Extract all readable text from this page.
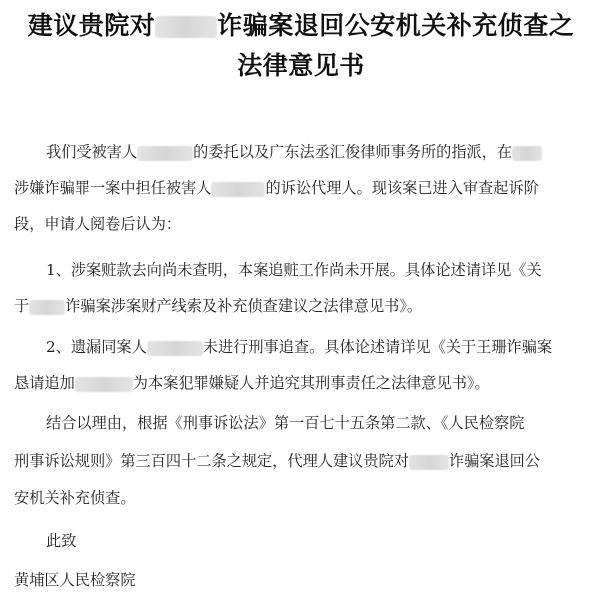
建议贵院对 诈骗案退回公安机关补充侦查之
法律意见书
我们受被害人	的委托以及广东法丞汇俊律师事务所的指派，在
涉嫌诈骗罪一案中担任被害人	的诉讼代理人。现该案已进入审查起诉阶
段，申请人阅卷后认为：
1、涉案赃款去向尚未查明，本案追赃工作尚未开展。具体论述请详见《关
于 诈骗案涉案财产线索及补充侦查建议之法律意见书》。
2、遗漏同案人	未进行刑事追查。具体论述请详见《关于王珊诈骗案
恳请追加	为本案犯罪嫌疑人并追究其刑事责任之法律意见书》。
结合以理由，根据《刑事诉讼法》第一百七十五条第二款、《人民检察院
刑事诉讼规则》第三百四十二条之规定，代理人建议贵院对	诈骗案退回公
安机关补充侦查。
此致
黄埔区人民检察院
